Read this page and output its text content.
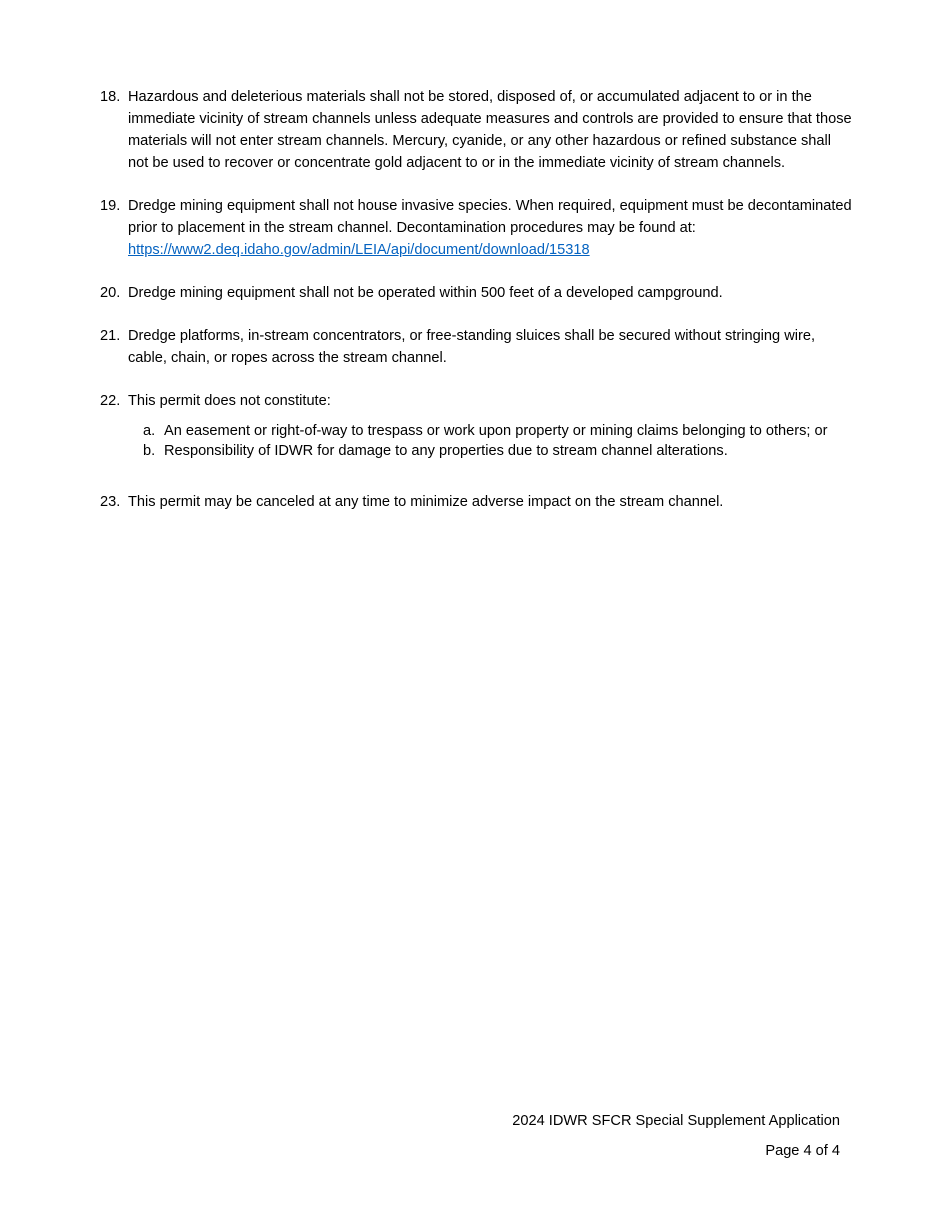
18. Hazardous and deleterious materials shall not be stored, disposed of, or accumulated adjacent to or in the immediate vicinity of stream channels unless adequate measures and controls are provided to ensure that those materials will not enter stream channels. Mercury, cyanide, or any other hazardous or refined substance shall not be used to recover or concentrate gold adjacent to or in the immediate vicinity of stream channels.
19. Dredge mining equipment shall not house invasive species. When required, equipment must be decontaminated prior to placement in the stream channel. Decontamination procedures may be found at:
https://www2.deq.idaho.gov/admin/LEIA/api/document/download/15318
20. Dredge mining equipment shall not be operated within 500 feet of a developed campground.
21. Dredge platforms, in-stream concentrators, or free-standing sluices shall be secured without stringing wire, cable, chain, or ropes across the stream channel.
22. This permit does not constitute:
a. An easement or right-of-way to trespass or work upon property or mining claims belonging to others; or
b. Responsibility of IDWR for damage to any properties due to stream channel alterations.
23. This permit may be canceled at any time to minimize adverse impact on the stream channel.
2024 IDWR SFCR Special Supplement Application
Page 4 of 4
